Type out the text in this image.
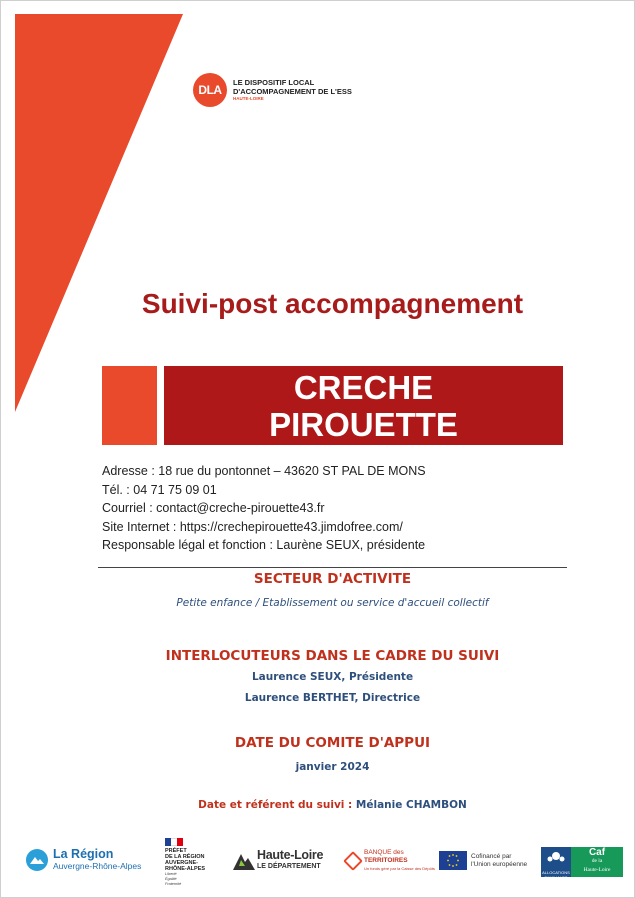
DLA
LE DISPOSITIF LOCAL
D'ACCOMPAGNEMENT DE L'ESS
HAUTE-LOIRE
Suivi-post accompagnement
CRECHE
PIROUETTE
Adresse : 18 rue du pontonnet – 43620 ST PAL DE MONS
Tél. : 04 71 75 09 01
Courriel : contact@creche-pirouette43.fr
Site Internet : https://crechepirouette43.jimdofree.com/
Responsable légal et fonction : Laurène SEUX, présidente
SECTEUR D'ACTIVITE
Petite enfance / Etablissement ou service d'accueil collectif
INTERLOCUTEURS DANS LE CADRE DU SUIVI
Laurence SEUX, Présidente
Laurence BERTHET, Directrice
DATE DU COMITE D'APPUI
janvier 2024
Date et référent du suivi : Mélanie CHAMBON
La Région
Auvergne-Rhône-Alpes
PRÉFET
DE LA RÉGION
AUVERGNE-
RHÔNE-ALPES
Liberté
Égalité
Fraternité
Haute-Loire
LE DÉPARTEMENT
BANQUE des
TERRITOIRES
Un fonds géré par la Caisse des Dépôts
Cofinancé par
l'Union européenne
ALLOCATIONS FAMILIALES
Caf
de la
Haute-Loire
